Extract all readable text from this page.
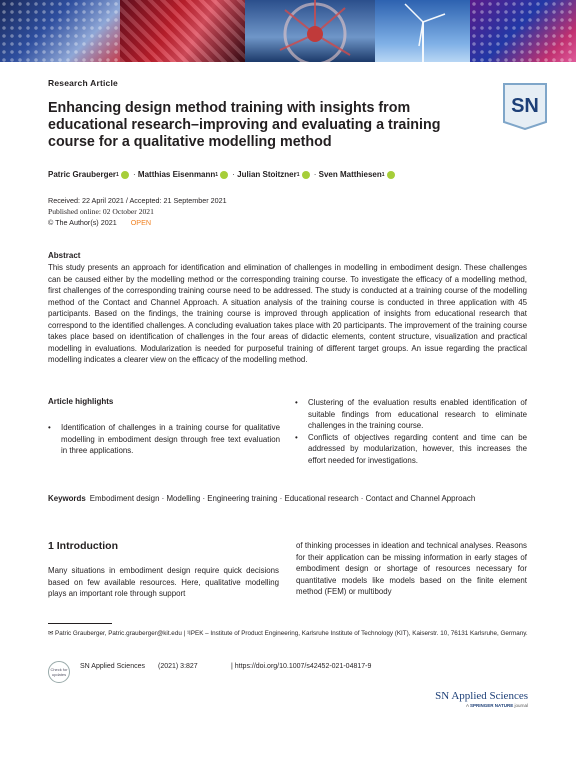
Research Article
Enhancing design method training with insights from educational research–improving and evaluating a training course for a qualitative modelling method
SN
Patric Grauberger 1 · Matthias Eisenmann 1 · Julian Stoitzner 1 · Sven Matthiesen 1
Received: 22 April 2021 / Accepted: 21 September 2021
Published online: 02 October 2021
© The Author(s) 2021 OPEN
Abstract
This study presents an approach for identification and elimination of challenges in modelling in embodiment design. These challenges can be caused either by the modelling method or the corresponding training course. To investigate the efficacy of a modelling method, first challenges of the corresponding training course need to be addressed. The study is conducted at a training course of the modelling method of the Contact and Channel Approach. A situation analysis of the training course is conducted in three application with 45 participants. Based on the findings, the training course is improved through application of insights from educational research that correspond to the identified challenges. A concluding evaluation takes place with 20 participants. The improvement of the training course takes place based on identification of challenges in the four areas of didactic elements, content structure, visualization and practical modelling in evaluations. Modularization is needed for purposeful training of different target groups. An issue regarding the practical modelling indicates a clearer view on the efficacy of the modelling method.
Article highlights
• Identification of challenges in a training course for qualitative modelling in embodiment design through free text evaluation in three applications.
• Clustering of the evaluation results enabled identification of suitable findings from educational research to eliminate challenges in the training course.
• Conflicts of objectives regarding content and time can be addressed by modularization, however, this increases the effort needed for investigations.
Keywords Embodiment design · Modelling · Engineering training · Educational research · Contact and Channel Approach
1 Introduction
Many situations in embodiment design require quick decisions based on few available resources. Here, qualitative modelling plays an important role through support
of thinking processes in ideation and technical analyses. Reasons for their application can be missing information in early stages of embodiment design or shortage of resources necessary for quantitative models like models based on the finite element method (FEM) or multibody
✉ Patric Grauberger, Patric.grauberger@kit.edu | ¹IPEK – Institute of Product Engineering, Karlsruhe Institute of Technology (KIT), Kaiserstr. 10, 76131 Karlsruhe, Germany.
Check for updates
SN Applied Sciences	(2021) 3:827	| https://doi.org/10.1007/s42452-021-04817-9
SN Applied Sciences
A SPRINGER NATURE journal
